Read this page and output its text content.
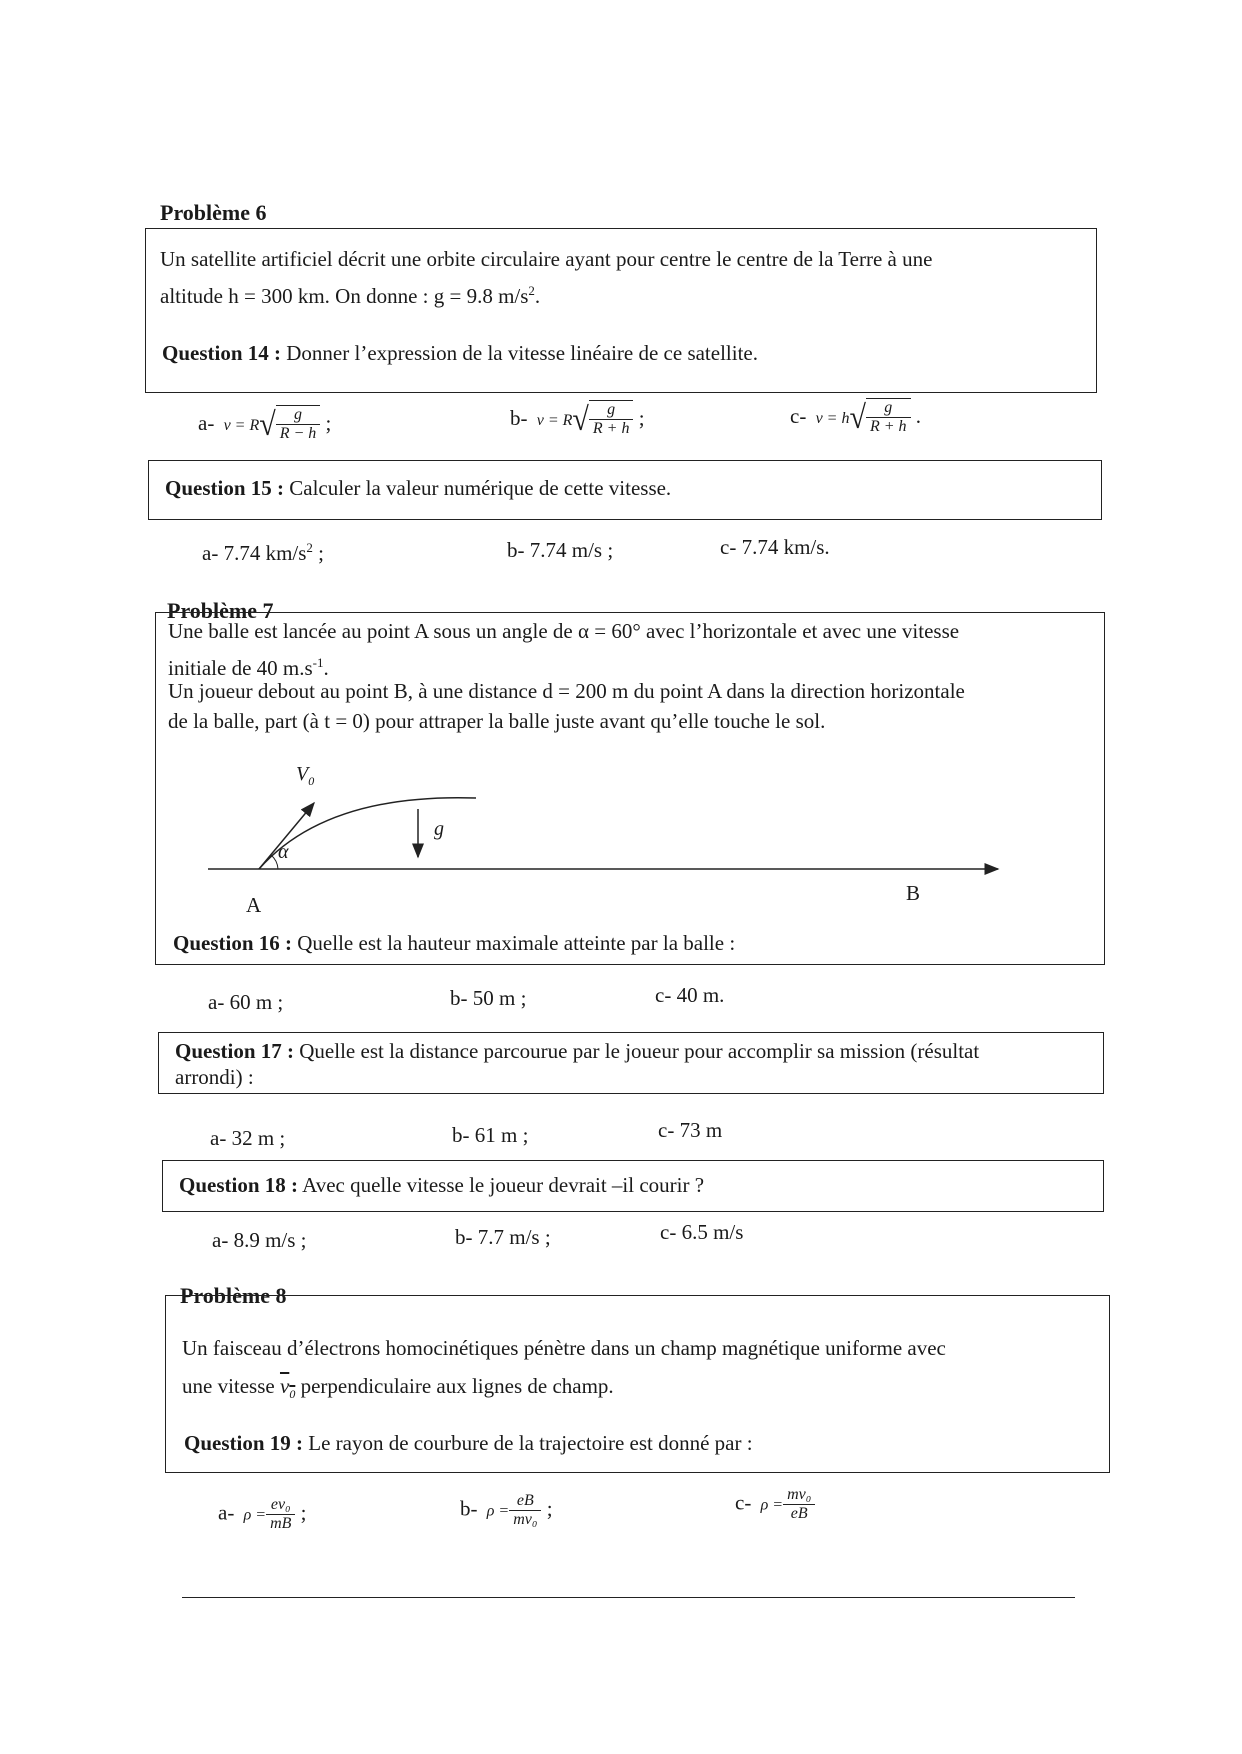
Problème 6
Un satellite artificiel décrit une orbite circulaire ayant pour centre le centre de la Terre à une
altitude h = 300 km. On donne : g = 9.8 $m/s^2$.
Question 14 : Donner l’expression de la vitesse linéaire de ce satellite.
a-  v = R √ $\frac{g}{R - h}$ ;	b-  v = R √ $\frac{g}{R + h}$ ;	c-  v = h √ $\frac{g}{R + h}$ .
Question 15 : Calculer la valeur numérique de cette vitesse.
a- 7.74 $km/s^2$ ;	b- 7.74 m/s ;	c- 7.74 km/s.
Problème 7
Une balle est lancée au point A sous un angle de α = 60° avec l’horizontale et avec une vitesse
initiale de 40 $m.s^{-1}$.
Un joueur debout au point B, à une distance d = 200 m du point A dans la direction horizontale
de la balle, part (à t = 0) pour attraper la balle juste avant qu’elle touche le sol.
$V_0$
α
g
A	B
Question 16 : Quelle est la hauteur maximale atteinte par la balle :
a- 60 m ;	b- 50 m ;	c- 40 m.
Question 17 : Quelle est la distance parcourue par le joueur pour accomplir sa mission (résultat
arrondi) :
a- 32 m ;	b- 61 m ;	c- 73 m
Question 18 : Avec quelle vitesse le joueur devrait –il courir ?
a- 8.9 m/s ;	b- 7.7 m/s ;	c- 6.5 m/s
Problème 8
Un faisceau d’électrons homocinétiques pénètre dans un champ magnétique uniforme avec
une vitesse $v_0$ perpendiculaire aux lignes de champ.
Question 19 : Le rayon de courbure de la trajectoire est donné par :
a-  $\rho = \frac{\text{ev₀}}{mB}$ ;	b-  $\rho = \frac{eB}{\text{mv₀}}$ ;	c-  $\rho = \frac{\text{mv₀}}{eB}$
